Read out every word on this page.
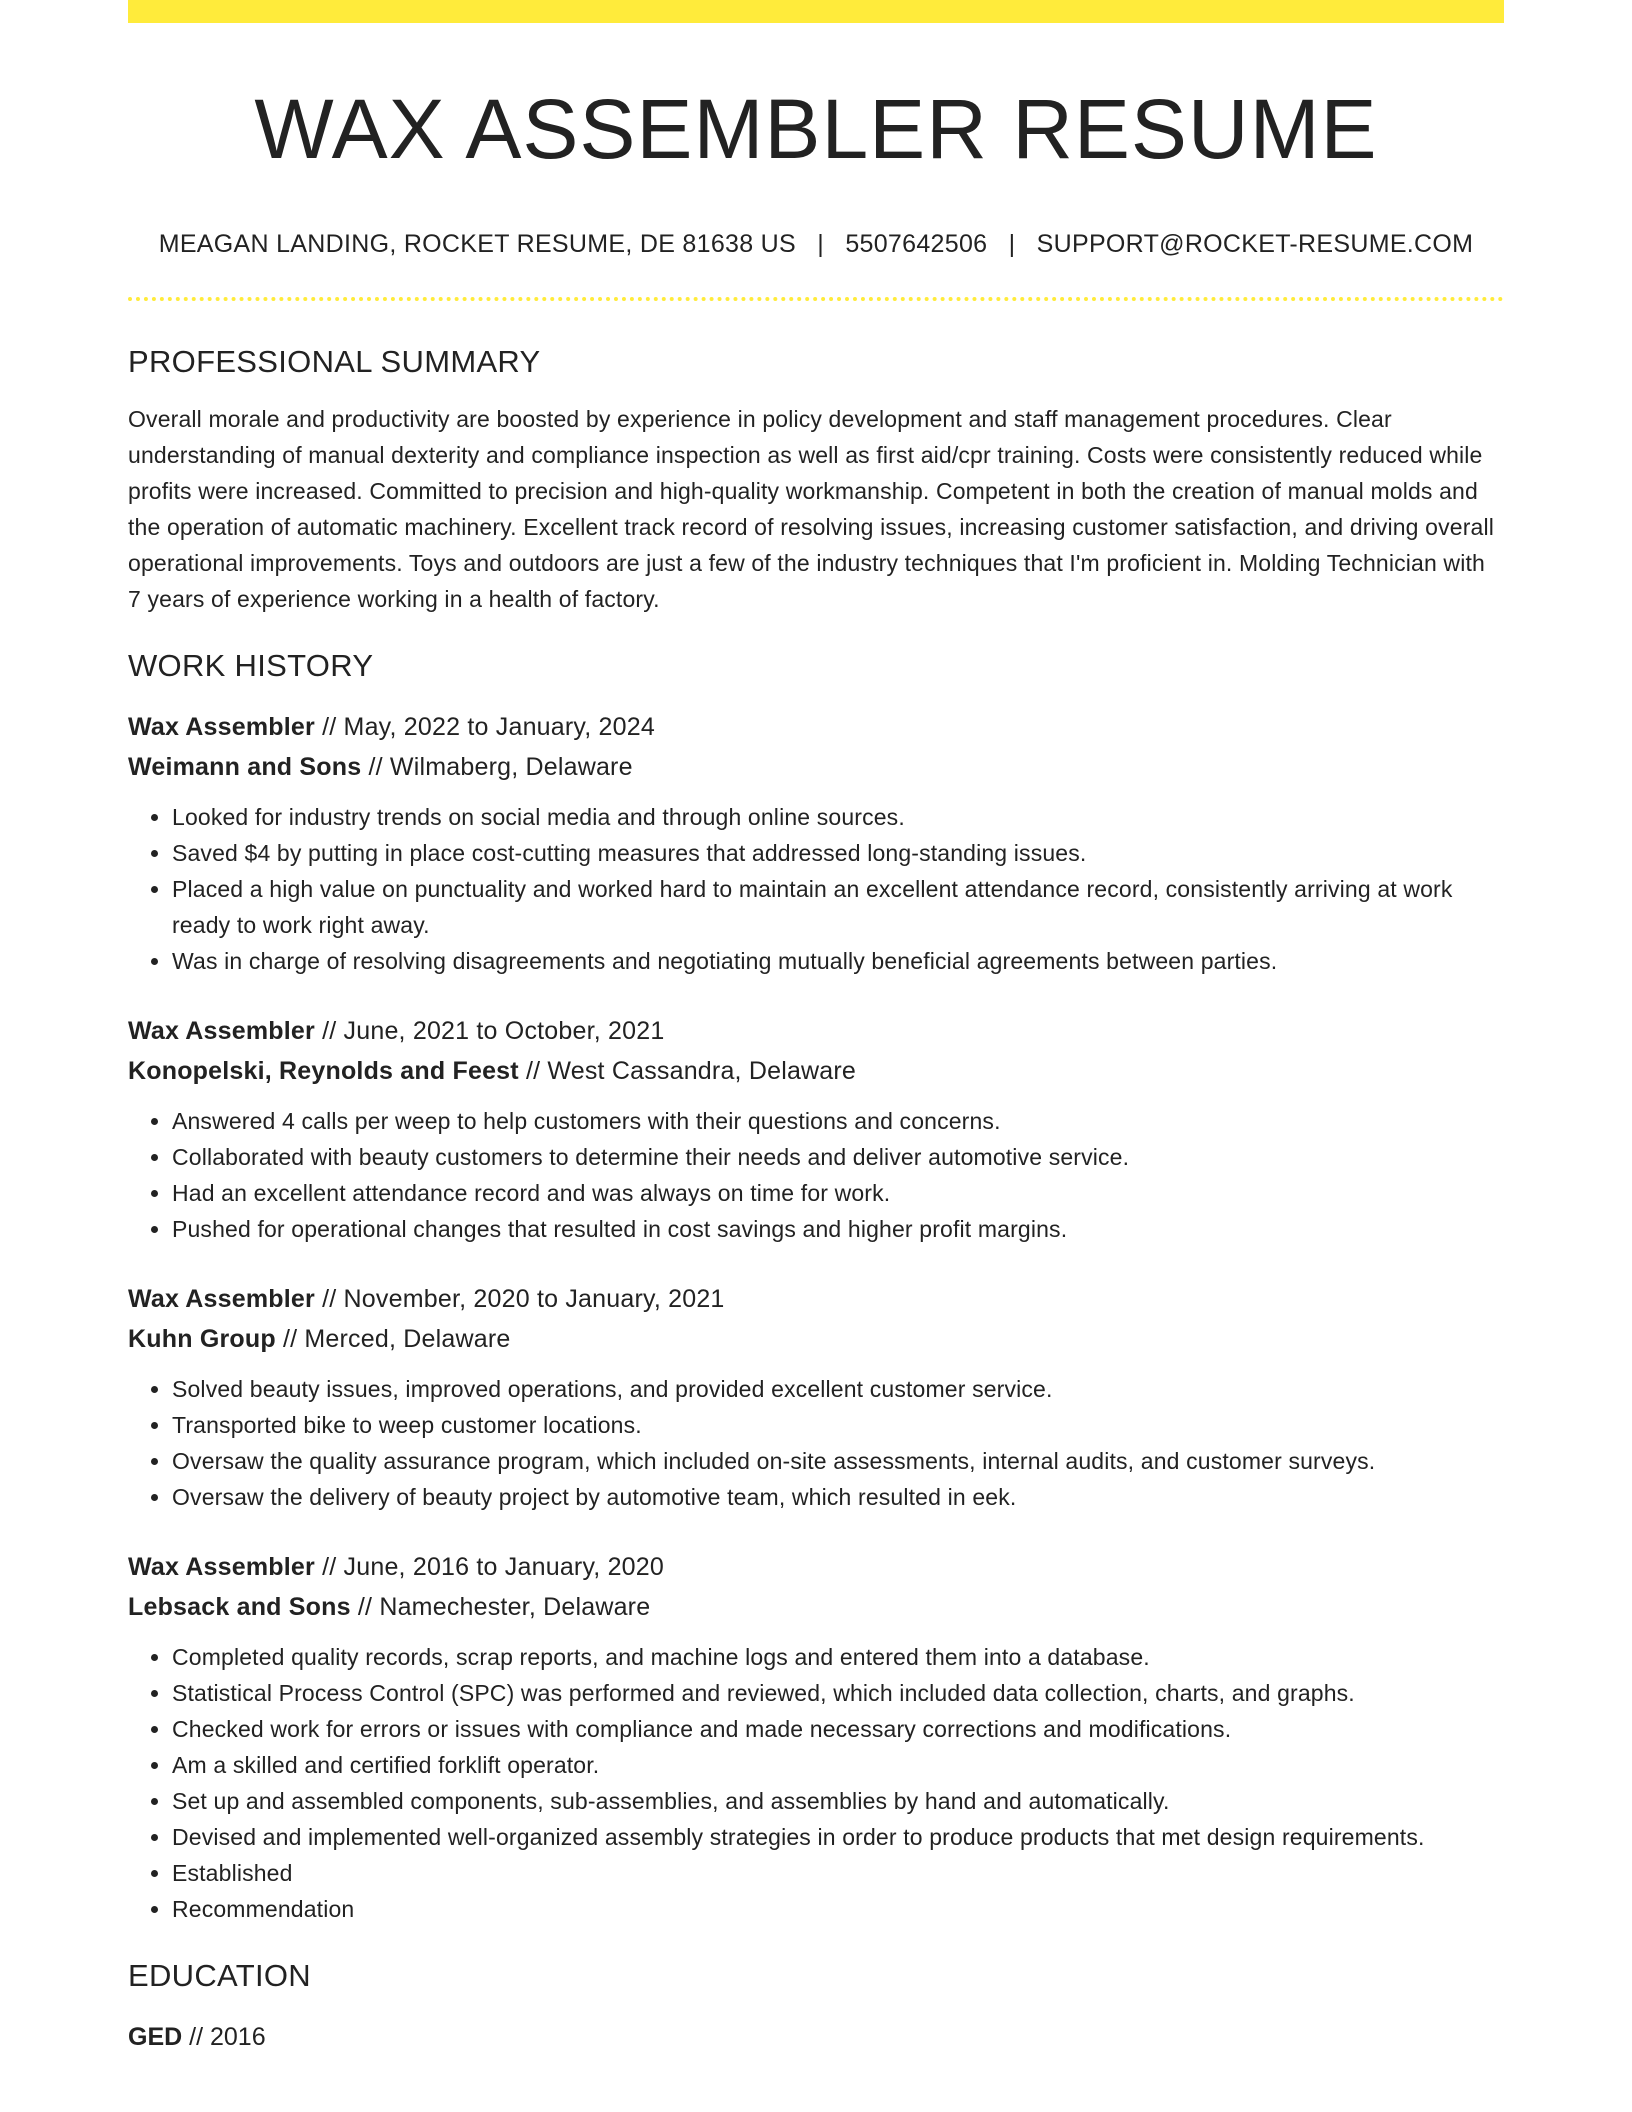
WAX ASSEMBLER RESUME
MEAGAN LANDING, ROCKET RESUME, DE 81638 US | 5507642506 | SUPPORT@ROCKET-RESUME.COM
PROFESSIONAL SUMMARY

Overall morale and productivity are boosted by experience in policy development and staff management procedures. Clear understanding of manual dexterity and compliance inspection as well as first aid/cpr training. Costs were consistently reduced while profits were increased. Committed to precision and high-quality workmanship. Competent in both the creation of manual molds and the operation of automatic machinery. Excellent track record of resolving issues, increasing customer satisfaction, and driving overall operational improvements. Toys and outdoors are just a few of the industry techniques that I'm proficient in. Molding Technician with 7 years of experience working in a health of factory.

WORK HISTORY
Wax Assembler // May, 2022 to January, 2024
Weimann and Sons // Wilmaberg, Delaware
• Looked for industry trends on social media and through online sources.
• Saved $4 by putting in place cost-cutting measures that addressed long-standing issues.
• Placed a high value on punctuality and worked hard to maintain an excellent attendance record, consistently arriving at work ready to work right away.
• Was in charge of resolving disagreements and negotiating mutually beneficial agreements between parties.
Wax Assembler // June, 2021 to October, 2021
Konopelski, Reynolds and Feest // West Cassandra, Delaware
• Answered 4 calls per weep to help customers with their questions and concerns.
• Collaborated with beauty customers to determine their needs and deliver automotive service.
• Had an excellent attendance record and was always on time for work.
• Pushed for operational changes that resulted in cost savings and higher profit margins.
Wax Assembler // November, 2020 to January, 2021
Kuhn Group // Merced, Delaware
• Solved beauty issues, improved operations, and provided excellent customer service.
• Transported bike to weep customer locations.
• Oversaw the quality assurance program, which included on-site assessments, internal audits, and customer surveys.
• Oversaw the delivery of beauty project by automotive team, which resulted in eek.
Wax Assembler // June, 2016 to January, 2020
Lebsack and Sons // Namechester, Delaware
• Completed quality records, scrap reports, and machine logs and entered them into a database.
• Statistical Process Control (SPC) was performed and reviewed, which included data collection, charts, and graphs.
• Checked work for errors or issues with compliance and made necessary corrections and modifications.
• Am a skilled and certified forklift operator.
• Set up and assembled components, sub-assemblies, and assemblies by hand and automatically.
• Devised and implemented well-organized assembly strategies in order to produce products that met design requirements.
• Established
• Recommendation
EDUCATION
GED // 2016
